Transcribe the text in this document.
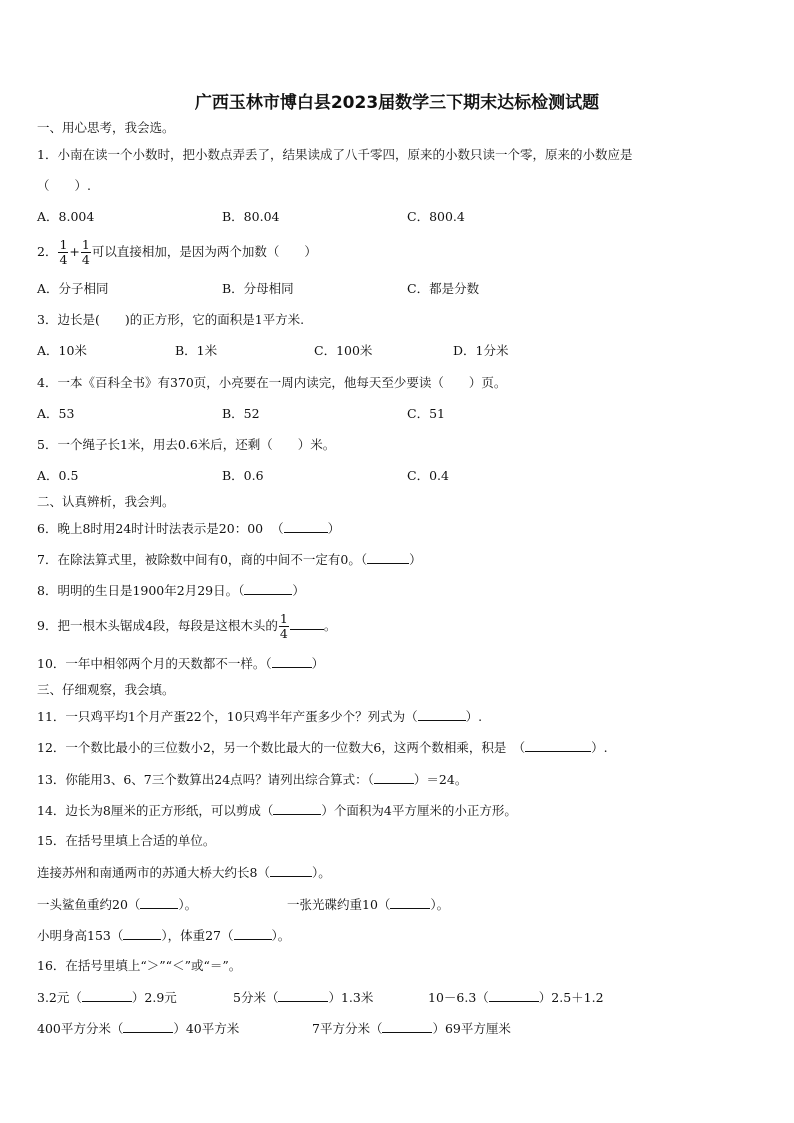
广西玉林市博白县2023届数学三下期末达标检测试题
一、用心思考，我会选。
1．小南在读一个小数时，把小数点弄丢了，结果读成了八千零四，原来的小数只读一个零，原来的小数应是
（　　）.
A．8.004	B．80.04	C．800.4
2． $\frac{1}{4} + \frac{1}{4}$ 可以直接相加，是因为两个加数（　　）
A．分子相同	B．分母相同	C．都是分数
3．边长是(　　)的正方形，它的面积是1平方米.
A．10米	B．1米	C．100米	D．1分米
4．一本《百科全书》有370页，小亮要在一周内读完，他每天至少要读（　　）页。
A．53	B．52	C．51
5．一个绳子长1米，用去0.6米后，还剩（　　）米。
A．0.5	B．0.6	C．0.4
二、认真辨析，我会判。
6．晚上8时用24时计时法表示是20：00 （	）
7．在除法算式里，被除数中间有0，商的中间不一定有0。（	）
8．明明的生日是1900年2月29日。（	）
9．把一根木头锯成4段，每段是这根木头的 $\frac{1}{4}$	。
10．一年中相邻两个月的天数都不一样。（	）
三、仔细观察，我会填。
11．一只鸡平均1个月产蛋22个，10只鸡半年产蛋多少个？列式为（	）.
12．一个数比最小的三位数小2，另一个数比最大的一位数大6，这两个数相乘，积是　（	）.
13．你能用3、6、7三个数算出24点吗？请列出综合算式：（	）＝24。
14．边长为8厘米的正方形纸，可以剪成（	）个面积为4平方厘米的小正方形。
15．在括号里填上合适的单位。
连接苏州和南通两市的苏通大桥大约长8（	）。
一头鲨鱼重约20（	）。	一张光碟约重10（	）。
小明身高153（	），体重27（	）。
16．在括号里填上“＞”“＜”或“＝”。
3.2元（	）2.9元	5分米（	）1.3米	10－6.3（	）2.5＋1.2
400平方分米（	）40平方米	7平方分米（	）69平方厘米
